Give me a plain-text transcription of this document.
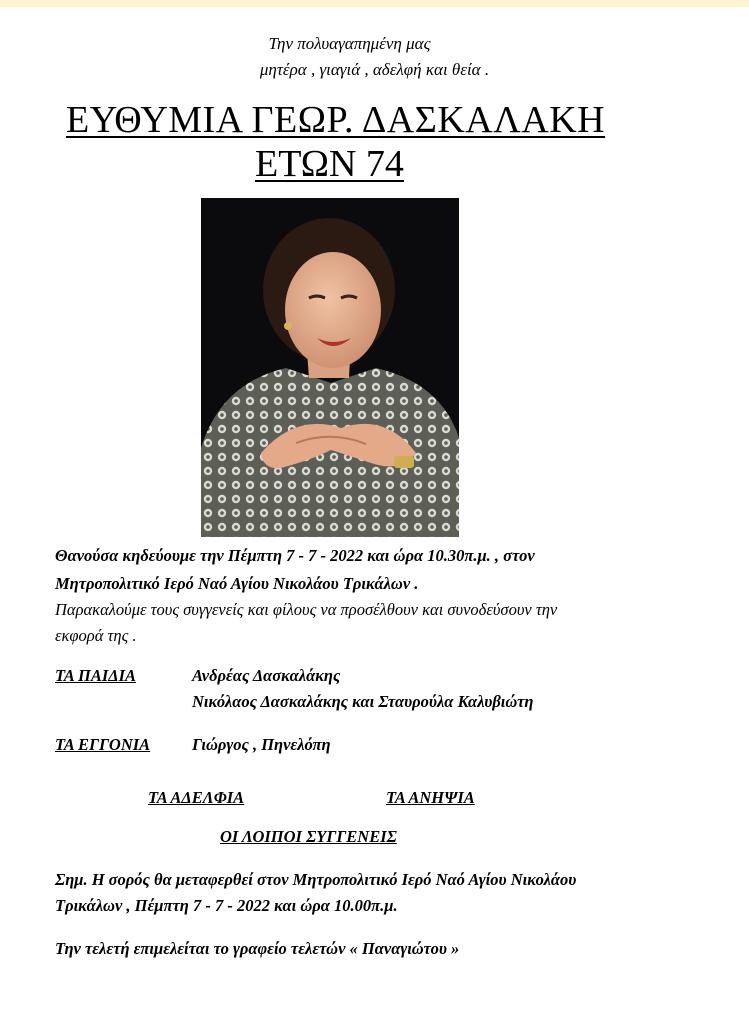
Την πολυαγαπημένη μας
μητέρα , γιαγιά , αδελφή και θεία .
ΕΥΘΥΜΙΑ ΓΕΩΡ. ΔΑΣΚΑΛΑΚΗ
ΕΤΩΝ 74
Θανούσα κηδεύουμε την Πέμπτη 7 - 7 - 2022 και ώρα 10.30π.μ. , στον
Μητροπολιτικό Ιερό Ναό Αγίου Νικολάου Τρικάλων .
Παρακαλούμε τους συγγενείς και φίλους να προσέλθουν και συνοδεύσουν την
εκφορά της .
ΤΑ ΠΑΙΔΙΑ	Ανδρέας Δασκαλάκης
Νικόλαος Δασκαλάκης και Σταυρούλα Καλυβιώτη
ΤΑ ΕΓΓΟΝΙΑ	Γιώργος , Πηνελόπη
ΤΑ ΑΔΕΛΦΙΑ	ΤΑ ΑΝΗΨΙΑ
ΟΙ ΛΟΙΠΟΙ ΣΥΓΓΕΝΕΙΣ
Σημ. Η σορός θα μεταφερθεί στον Μητροπολιτικό Ιερό Ναό Αγίου Νικολάου
Τρικάλων , Πέμπτη 7 - 7 - 2022 και ώρα 10.00π.μ.
Την τελετή επιμελείται το γραφείο τελετών « Παναγιώτου »
